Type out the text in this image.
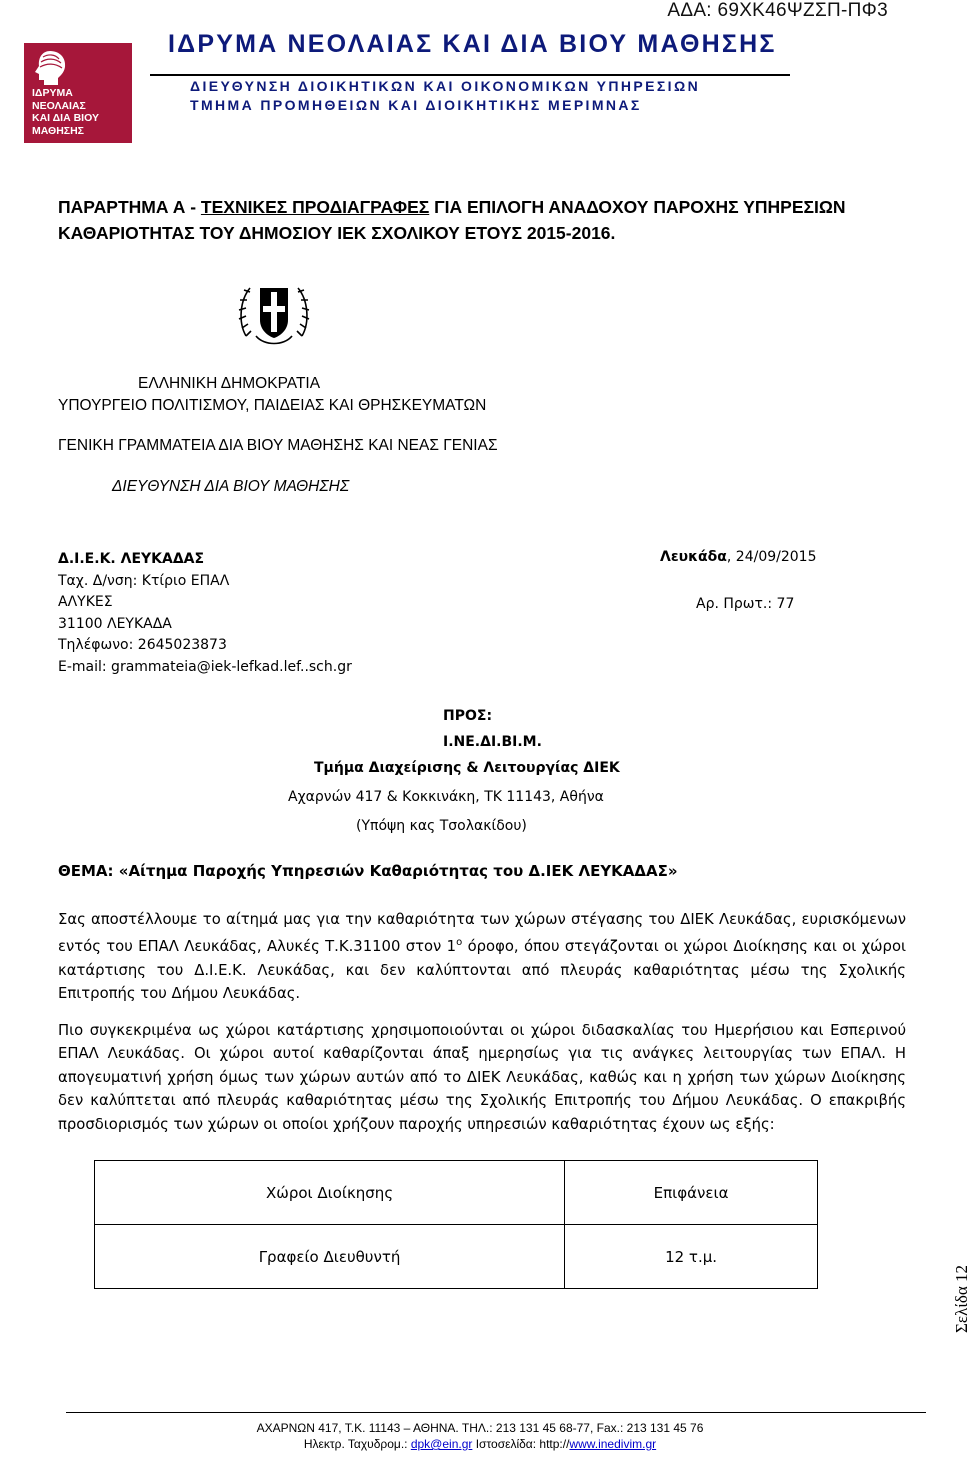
ΑΔΑ: 69ΧΚ46ΨΖΣΠ-ΠΦ3
ΙΔΡΥΜΑ
ΝΕΟΛΑΙΑΣ
ΚΑΙ ΔΙΑ ΒΙΟΥ
ΜΑΘΗΣΗΣ
ΙΔΡΥΜΑ ΝΕΟΛΑΙΑΣ ΚΑΙ ΔΙΑ ΒΙΟΥ ΜΑΘΗΣΗΣ
ΔΙΕΥΘΥΝΣΗ ΔΙΟΙΚΗΤΙΚΩΝ ΚΑΙ ΟΙΚΟΝΟΜΙΚΩΝ ΥΠΗΡΕΣΙΩΝ
ΤΜΗΜΑ ΠΡΟΜΗΘΕΙΩΝ ΚΑΙ ΔΙΟΙΚΗΤΙΚΗΣ ΜΕΡΙΜΝΑΣ
ΠΑΡΑΡΤΗΜΑ Α - ΤΕΧΝΙΚΕΣ ΠΡΟΔΙΑΓΡΑΦΕΣ ΓΙΑ ΕΠΙΛΟΓΗ ΑΝΑΔΟΧΟΥ ΠΑΡΟΧΗΣ ΥΠΗΡΕΣΙΩΝ ΚΑΘΑΡΙΟΤΗΤΑΣ ΤΟΥ ΔΗΜΟΣΙΟΥ ΙΕΚ ΣΧΟΛΙΚΟΥ ΕΤΟΥΣ 2015-2016.
ΕΛΛΗΝΙΚΗ ΔΗΜΟΚΡΑΤΙΑ
ΥΠΟΥΡΓΕΙΟ ΠΟΛΙΤΙΣΜΟΥ, ΠΑΙΔΕΙΑΣ ΚΑΙ ΘΡΗΣΚΕΥΜΑΤΩΝ
ΓΕΝΙΚΗ ΓΡΑΜΜΑΤΕΙΑ ΔΙΑ ΒΙΟΥ ΜΑΘΗΣΗΣ ΚΑΙ ΝΕΑΣ ΓΕΝΙΑΣ
ΔΙΕΥΘΥΝΣΗ ΔΙΑ ΒΙΟΥ ΜΑΘΗΣΗΣ
Δ.Ι.Ε.Κ. ΛΕΥΚΑΔΑΣ
Ταχ. Δ/νση: Κτίριο ΕΠΑΛ
ΑΛΥΚΕΣ
31100 ΛΕΥΚΑΔΑ
Τηλέφωνο: 2645023873
E-mail: grammateia@iek-lefkad.lef..sch.gr
Λευκάδα, 24/09/2015
Αρ. Πρωτ.: 77
ΠΡΟΣ:
Ι.ΝΕ.ΔΙ.ΒΙ.Μ.
Τμήμα Διαχείρισης & Λειτουργίας ΔΙΕΚ
Αχαρνών 417 & Κοκκινάκη, ΤΚ 11143, Αθήνα
(Υπόψη κας Τσολακίδου)
ΘΕΜΑ: «Αίτημα Παροχής Υπηρεσιών Καθαριότητας του Δ.ΙΕΚ ΛΕΥΚΑΔΑΣ»
Σας αποστέλλουμε το αίτημά μας για την καθαριότητα των χώρων στέγασης του ΔΙΕΚ Λευκάδας, ευρισκόμενων εντός του ΕΠΑΛ Λευκάδας, Αλυκές Τ.Κ.31100 στον $1^o$ όροφο, όπου στεγάζονται οι χώροι Διοίκησης και οι χώροι κατάρτισης του Δ.Ι.Ε.Κ. Λευκάδας, και δεν καλύπτονται από πλευράς καθαριότητας μέσω της Σχολικής Επιτροπής του Δήμου Λευκάδας.
Πιο συγκεκριμένα ως χώροι κατάρτισης χρησιμοποιούνται οι χώροι διδασκαλίας του Ημερήσιου και Εσπερινού ΕΠΑΛ Λευκάδας. Οι χώροι αυτοί καθαρίζονται άπαξ ημερησίως για τις ανάγκες λειτουργίας των ΕΠΑΛ. Η απογευματινή χρήση όμως των χώρων αυτών από το ΔΙΕΚ Λευκάδας, καθώς και η χρήση των χώρων Διοίκησης δεν καλύπτεται από πλευράς καθαριότητας μέσω της Σχολικής Επιτροπής του Δήμου Λευκάδας. Ο επακριβής προσδιορισμός των χώρων οι οποίοι χρήζουν παροχής υπηρεσιών καθαριότητας έχουν ως εξής:
Χώροι Διοίκησης	Επιφάνεια
Γραφείο Διευθυντή	12 τ.μ.
Σελίδα 12
ΑΧΑΡΝΩΝ 417, Τ.Κ. 11143 – ΑΘΗΝΑ. ΤΗΛ.: 213 131 45 68-77, Fax.: 213 131 45 76
Ηλεκτρ. Ταχυδρομ.: dpk@ein.gr Ιστοσελίδα: http://www.inedivim.gr
